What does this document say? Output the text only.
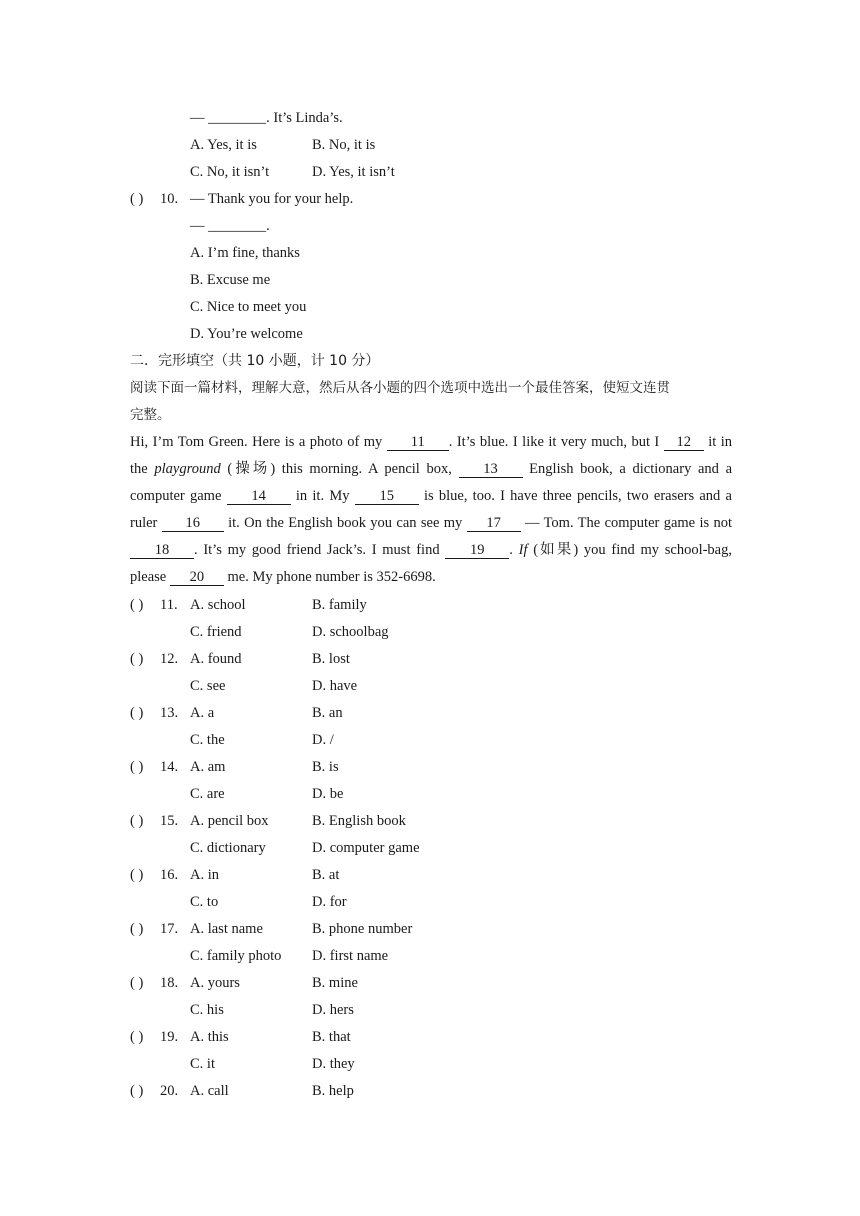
— ________. It’s Linda’s.
A. Yes, it is	B. No, it is
C. No, it isn’t	D. Yes, it isn’t
( ) 10. — Thank you for your help.
— ________.
A. I’m fine, thanks
B. Excuse me
C. Nice to meet you
D. You’re welcome
二．完形填空（共 10 小题，计 10 分）
阅读下面一篇材料，理解大意，然后从各小题的四个选项中选出一个最佳答案，使短文连贯
完整。

Hi, I’m Tom Green. Here is a photo of my 11 . It’s blue. I like it very much, but I 12 it in the playground (操场) this morning. A pencil box, 13 English book, a dictionary and a computer game 14 in it. My 15 is blue, too. I have three pencils, two erasers and a ruler 16 it. On the English book you can see my 17 — Tom. The computer game is not 18 . It’s my good friend Jack’s. I must find 19 . If (如果) you find my school-bag, please 20 me. My phone number is 352-6698.

( ) 11. A. school	B. family
C. friend	D. schoolbag
( ) 12. A. found	B. lost
C. see	D. have
( ) 13. A. a	B. an
C. the	D. /
( ) 14. A. am	B. is
C. are	D. be
( ) 15. A. pencil box	B. English book
C. dictionary	D. computer game
( ) 16. A. in	B. at
C. to	D. for
( ) 17. A. last name	B. phone number
C. family photo D. first name
( ) 18. A. yours	B. mine
C. his	D. hers
( ) 19. A. this	B. that
C. it	D. they
( ) 20. A. call	B. help
